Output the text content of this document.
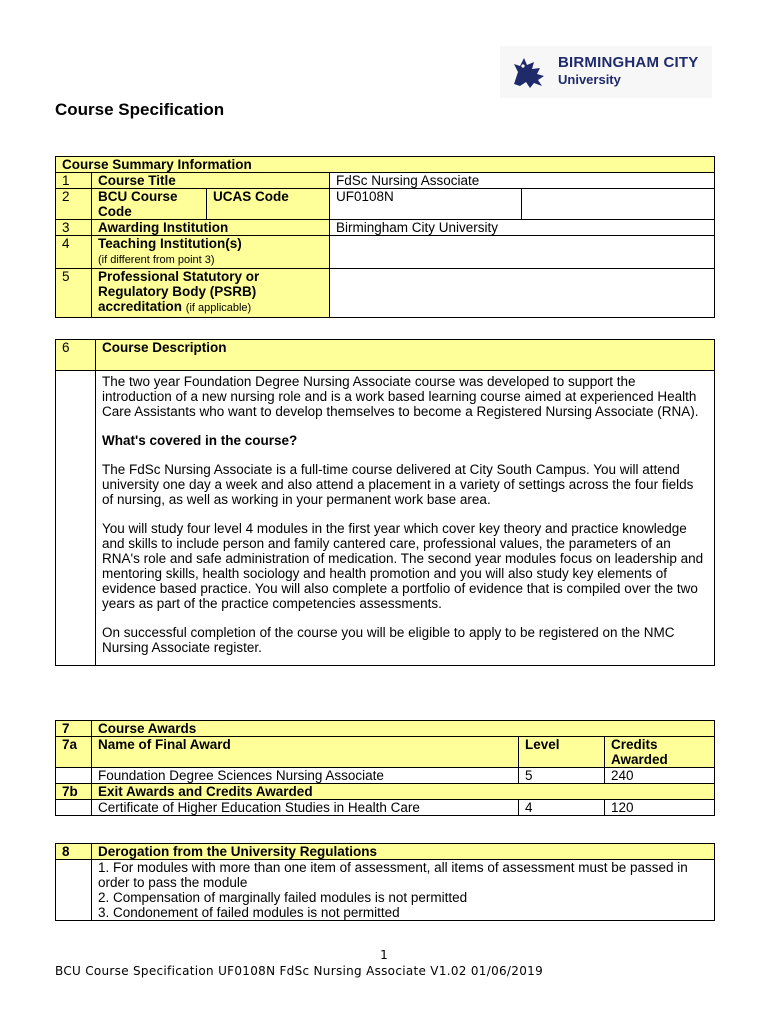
BIRMINGHAM CITY
University
Course Specification
Course Summary Information				
1	Course Title		FdSc Nursing Associate	
2	BCU Course Code	UCAS Code	UF0108N	
3	Awarding Institution		Birmingham City University	
4	Teaching Institution(s)
(if different from point 3)			
5	Professional Statutory or Regulatory Body (PSRB) accreditation (if applicable)			
6	Course Description

	The two year Foundation Degree Nursing Associate course was developed to support the introduction of a new nursing role and is a work based learning course aimed at experienced Health Care Assistants who want to develop themselves to become a Registered Nursing Associate (RNA).

What's covered in the course?

The FdSc Nursing Associate is a full-time course delivered at City South Campus. You will attend university one day a week and also attend a placement in a variety of settings across the four fields of nursing, as well as working in your permanent work base area.

You will study four level 4 modules in the first year which cover key theory and practice knowledge and skills to include person and family cantered care, professional values, the parameters of an RNA's role and safe administration of medication. The second year modules focus on leadership and mentoring skills, health sociology and health promotion and you will also study key elements of evidence based practice. You will also complete a portfolio of evidence that is compiled over the two years as part of the practice competencies assessments.

On successful completion of the course you will be eligible to apply to be registered on the NMC Nursing Associate register.

7	Course Awards		
7a	Name of Final Award	Level	Credits Awarded
	Foundation Degree Sciences Nursing Associate	5	240
7b	Exit Awards and Credits Awarded		
	Certificate of Higher Education Studies in Health Care	4	120
8	Derogation from the University Regulations

	1. For modules with more than one item of assessment, all items of assessment must be passed in order to pass the module
2. Compensation of marginally failed modules is not permitted
3. Condonement of failed modules is not permitted
1
BCU Course Specification UF0108N FdSc Nursing Associate V1.02 01/06/2019
